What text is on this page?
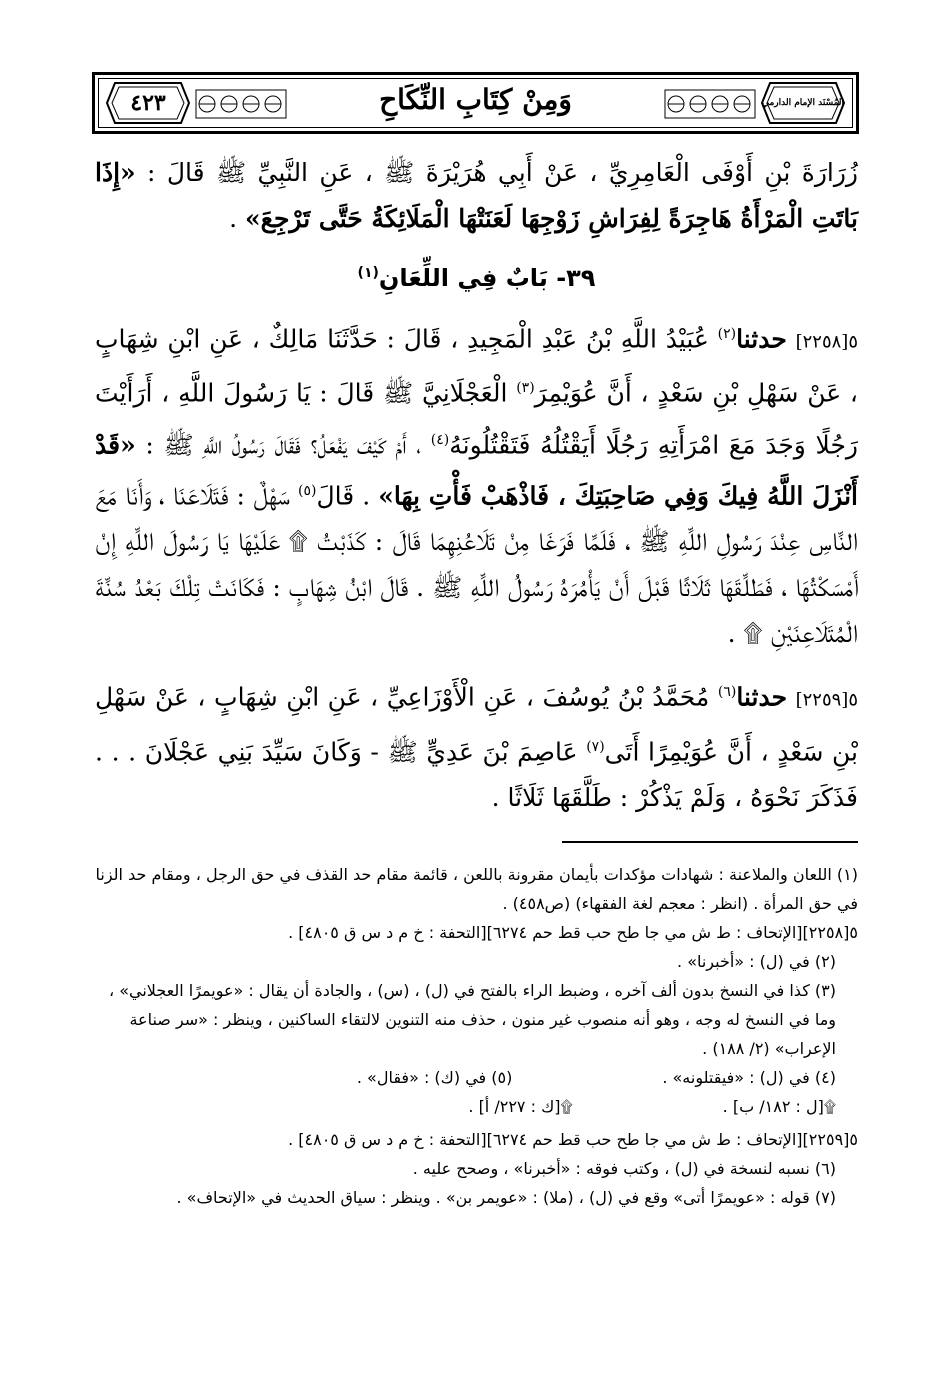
٤٢٣	وَمِنْ كِتَابِ النِّكَاحِ	المُسْنَد الإمام الدارمي

زُرَارَةَ بْنِ أَوْفَى الْعَامِرِيِّ ، عَنْ أَبِي هُرَيْرَةَ ﷺ ، عَنِ النَّبِيِّ ﷺ قَالَ : «إِذَا بَاتَتِ الْمَرْأَةُ هَاجِرَةً لِفِرَاشِ زَوْجِهَا لَعَنَتْهَا الْمَلَائِكَةُ حَتَّى تَرْجِعَ» .

٣٩- بَابٌ فِي اللِّعَانِ$^{(١)}$

٥[٢٢٥٨] حدثنا$^{(٢)}$ عُبَيْدُ اللَّهِ بْنُ عَبْدِ الْمَجِيدِ ، قَالَ : حَدَّثَنَا مَالِكٌ ، عَنِ ابْنِ شِهَابٍ ، عَنْ سَهْلِ بْنِ سَعْدٍ ، أَنَّ عُوَيْمِرَ$^{(٣)}$ الْعَجْلَانِيَّ ﷺ قَالَ : يَا رَسُولَ اللَّهِ ، أَرَأَيْتَ رَجُلًا وَجَدَ مَعَ امْرَأَتِهِ رَجُلًا أَيَقْتُلُهُ فَتَقْتُلُونَهُ$^{(٤)}$ ، أَمْ كَيْفَ يَفْعَلُ؟ فَقَالَ رَسُولُ اللَّهِ ﷺ : «قَدْ أَنْزَلَ اللَّهُ فِيكَ وَفِي صَاحِبَتِكَ ، فَاذْهَبْ فَأْتِ بِهَا» . قَالَ$^{(٥)}$ سَهْلٌ : فَتَلَاعَنَا ، وَأَنَا مَعَ النَّاسِ عِنْدَ رَسُولِ اللَّهِ ﷺ ، فَلَمَّا فَرَغَا مِنْ تَلَاعُنِهِمَا قَالَ : كَذَبْتُ ۩ عَلَيْهَا يَا رَسُولَ اللَّهِ إِنْ أَمْسَكْتُهَا ، فَطَلَّقَهَا ثَلَاثًا قَبْلَ أَنْ يَأْمُرَهُ رَسُولُ اللَّهِ ﷺ . قَالَ ابْنُ شِهَابٍ : فَكَانَتْ تِلْكَ بَعْدُ سُنَّةَ الْمُتَلَاعِنَيْنِ ۩ .

٥[٢٢٥٩] حدثنا$^{(٦)}$ مُحَمَّدُ بْنُ يُوسُفَ ، عَنِ الْأَوْزَاعِيِّ ، عَنِ ابْنِ شِهَابٍ ، عَنْ سَهْلِ بْنِ سَعْدٍ ، أَنَّ عُوَيْمِرًا أَتَى$^{(٧)}$ عَاصِمَ بْنَ عَدِيٍّ ﷺ - وَكَانَ سَيِّدَ بَنِي عَجْلَانَ . . . فَذَكَرَ نَحْوَهُ ، وَلَمْ يَذْكُرْ : طَلَّقَهَا ثَلَاثًا .

(١) اللعان والملاعنة : شهادات مؤكدات بأيمان مقرونة باللعن ، قائمة مقام حد القذف في حق الرجل ، ومقام حد الزنا في حق المرأة . (انظر : معجم لغة الفقهاء) (ص٤٥٨) .

٥[٢٢٥٨][الإتحاف : ط ش مي جا طح حب قط حم ٦٢٧٤][التحفة : خ م د س ق ٤٨٠٥] .

(٢) في (ل) : «أخبرنا» .

(٣) كذا في النسخ بدون ألف آخره ، وضبط الراء بالفتح في (ل) ، (س) ، والجادة أن يقال : «عويمرًا العجلاني» ، وما في النسخ له وجه ، وهو أنه منصوب غير منون ، حذف منه التنوين لالتقاء الساكنين ، وينظر : «سر صناعة الإعراب» (٢/ ١٨٨) .

(٤) في (ل) : «فيقتلونه» .
(٥) في (ك) : «فقال» .
۩[ل : ١٨٢/ ب] .
۩[ك : ٢٢٧/ أ] .

٥[٢٢٥٩][الإتحاف : ط ش مي جا طح حب قط حم ٦٢٧٤][التحفة : خ م د س ق ٤٨٠٥] .

(٦) نسبه لنسخة في (ل) ، وكتب فوقه : «أخبرنا» ، وصحح عليه .

(٧) قوله : «عويمرًا أتى» وقع في (ل) ، (ملا) : «عويمر بن» . وينظر : سياق الحديث في «الإتحاف» .
